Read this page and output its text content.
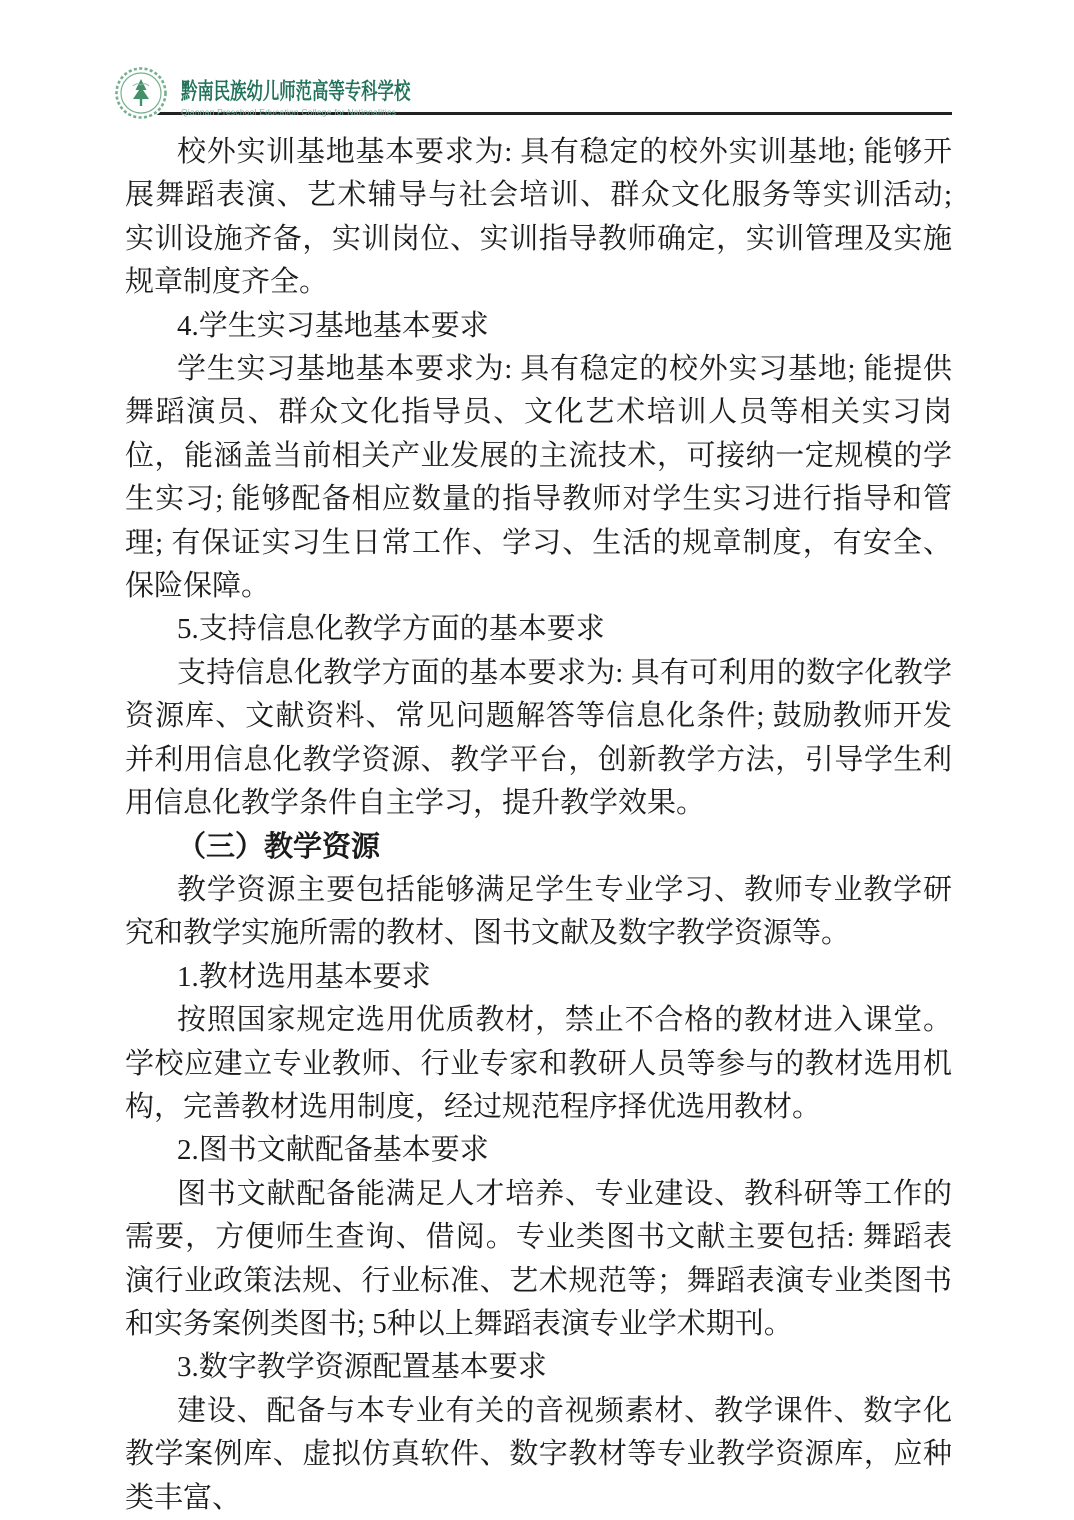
黔南民族幼儿师范高等专科学校
Qiannan Preschool Education College for Nationalities

校外实训基地基本要求为: 具有稳定的校外实训基地; 能够开展舞蹈表演、艺术辅导与社会培训、群众文化服务等实训活动; 实训设施齐备，实训岗位、实训指导教师确定，实训管理及实施规章制度齐全。

4.学生实习基地基本要求

学生实习基地基本要求为: 具有稳定的校外实习基地; 能提供舞蹈演员、群众文化指导员、文化艺术培训人员等相关实习岗位，能涵盖当前相关产业发展的主流技术，可接纳一定规模的学生实习; 能够配备相应数量的指导教师对学生实习进行指导和管理; 有保证实习生日常工作、学习、生活的规章制度，有安全、保险保障。

5.支持信息化教学方面的基本要求

支持信息化教学方面的基本要求为: 具有可利用的数字化教学资源库、文献资料、常见问题解答等信息化条件; 鼓励教师开发并利用信息化教学资源、教学平台，创新教学方法，引导学生利用信息化教学条件自主学习，提升教学效果。

（三）教学资源

教学资源主要包括能够满足学生专业学习、教师专业教学研究和教学实施所需的教材、图书文献及数字教学资源等。

1.教材选用基本要求

按照国家规定选用优质教材，禁止不合格的教材进入课堂。学校应建立专业教师、行业专家和教研人员等参与的教材选用机构，完善教材选用制度，经过规范程序择优选用教材。

2.图书文献配备基本要求

图书文献配备能满足人才培养、专业建设、教科研等工作的需要，方便师生查询、借阅。专业类图书文献主要包括: 舞蹈表演行业政策法规、行业标准、艺术规范等；舞蹈表演专业类图书和实务案例类图书; 5种以上舞蹈表演专业学术期刊。

3.数字教学资源配置基本要求

建设、配备与本专业有关的音视频素材、教学课件、数字化教学案例库、虚拟仿真软件、数字教材等专业教学资源库，应种类丰富、
